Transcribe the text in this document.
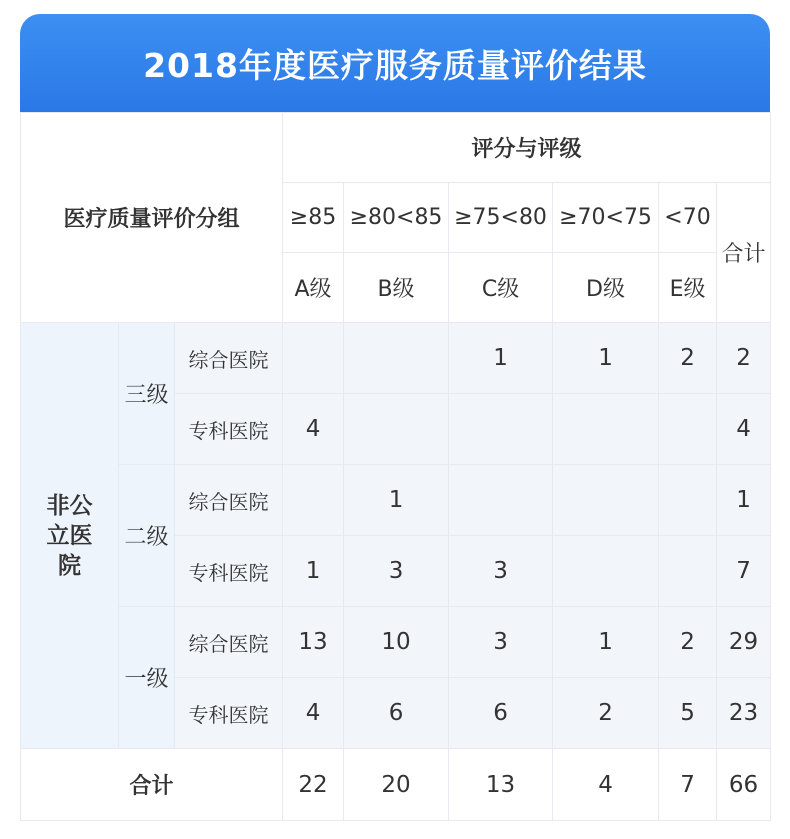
2018年度医疗服务质量评价结果
医疗质量评价分组			评分与评级					
			≥85	≥80<85	≥75<80	≥70<75	<70	合计
			A级	B级	C级	D级	E级	

非公立医院	三级	综合医院			1	1	2	2
		专科医院	4					4
	二级	综合医院		1				1
		专科医院	1	3	3			7
	一级	综合医院	13	10	3	1	2	29
		专科医院	4	6	6	2	5	23
合计			22	20	13	4	7	66
